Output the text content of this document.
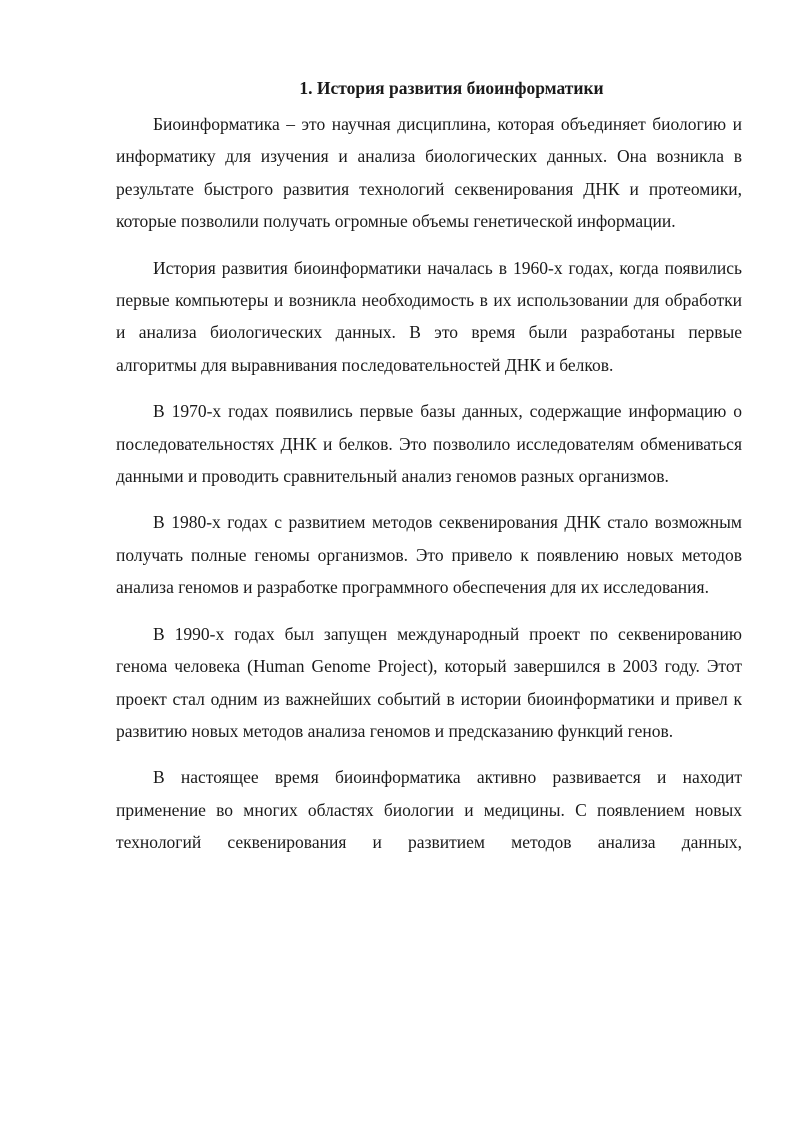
1. История развития биоинформатики

Биоинформатика – это научная дисциплина, которая объединяет биологию и информатику для изучения и анализа биологических данных. Она возникла в результате быстрого развития технологий секвенирования ДНК и протеомики, которые позволили получать огромные объемы генетической информации.

История развития биоинформатики началась в 1960-х годах, когда появились первые компьютеры и возникла необходимость в их использовании для обработки и анализа биологических данных. В это время были разработаны первые алгоритмы для выравнивания последовательностей ДНК и белков.

В 1970-х годах появились первые базы данных, содержащие информацию о последовательностях ДНК и белков. Это позволило исследователям обмениваться данными и проводить сравнительный анализ геномов разных организмов.

В 1980-х годах с развитием методов секвенирования ДНК стало возможным получать полные геномы организмов. Это привело к появлению новых методов анализа геномов и разработке программного обеспечения для их исследования.

В 1990-х годах был запущен международный проект по секвенированию генома человека (Human Genome Project), который завершился в 2003 году. Этот проект стал одним из важнейших событий в истории биоинформатики и привел к развитию новых методов анализа геномов и предсказанию функций генов.

В настоящее время биоинформатика активно развивается и находит применение во многих областях биологии и медицины. С появлением новых технологий секвенирования и развитием методов анализа данных,
